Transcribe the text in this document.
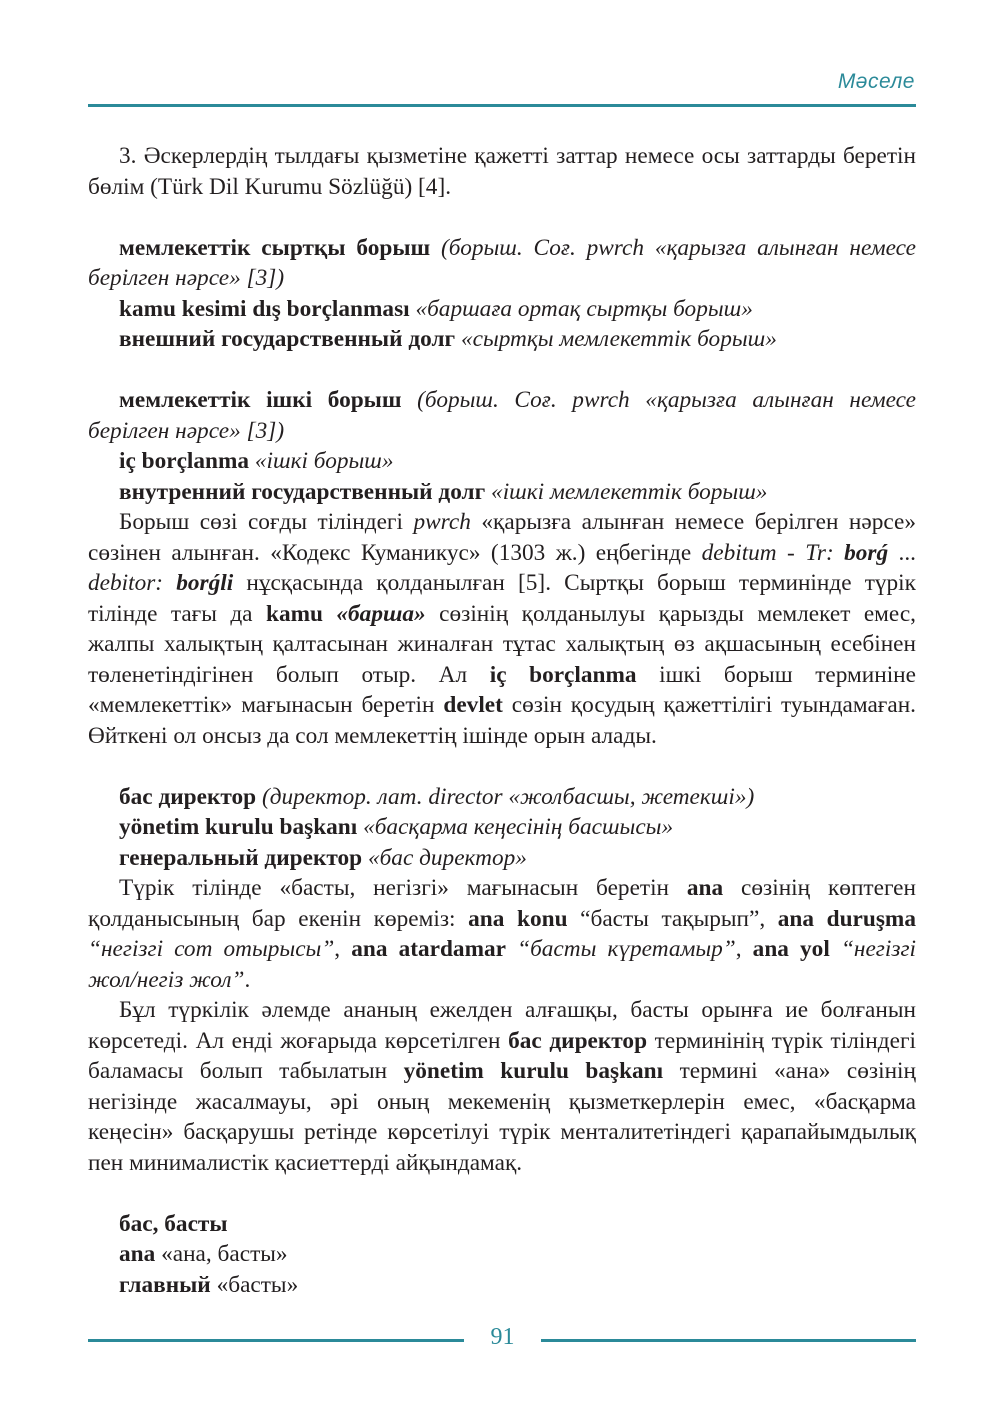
Мәселе

3. Әскерлердің тылдағы қызметіне қажетті заттар немесе осы заттарды беретін бөлім (Türk Dil Kurumu Sözlüğü) [4].

мемлекеттік сыртқы борыш (борыш. Соғ. pwrch «қарызға алынған немесе берілген нәрсе» [3])

kamu kesimi dış borçlanması «баршаға ортақ сыртқы борыш»

внешний государственный долг «сыртқы мемлекеттік борыш»

мемлекеттік ішкі борыш (борыш. Соғ. pwrch «қарызға алынған немесе берілген нәрсе» [3])

iç borçlanma «ішкі борыш»

внутренний государственный долг «ішкі мемлекеттік борыш»

Борыш сөзі соғды тіліндегі pwrch «қарызға алынған немесе берілген нәрсе» сөзінен алынған. «Кодекс Куманикус» (1303 ж.) еңбегінде debitum - Tr: borǵ ... debitor: borǵli нұсқасында қолданылған [5]. Сыртқы борыш терминінде түрік тілінде тағы да kamu «барша» сөзінің қолданылуы қарызды мемлекет емес, жалпы халықтың қалтасынан жиналған тұтас халықтың өз ақшасының есебінен төленетіндігінен болып отыр. Ал iç borçlanma ішкі борыш терминіне «мемлекеттік» мағынасын беретін devlet сөзін қосудың қажеттілігі туындамаған. Өйткені ол онсыз да сол мемлекеттің ішінде орын алады.

бас директор (директор. лат. director «жолбасшы, жетекші»)

yönetim kurulu başkanı «басқарма кеңесінің басшысы»

генеральный директор «бас директор»

Түрік тілінде «басты, негізгі» мағынасын беретін ana сөзінің көптеген қолданысының бар екенін көреміз: ana konu “басты тақырып”, ana duruşma “негізгі сот отырысы”, ana atardamar “басты күретамыр”, ana yol “негізгі жол/негіз жол”.

Бұл түркілік әлемде ананың ежелден алғашқы, басты орынға ие болғанын көрсетеді. Ал енді жоғарыда көрсетілген бас директор терминінің түрік тіліндегі баламасы болып табылатын yönetim kurulu başkanı термині «ана» сөзінің негізінде жасалмауы, әрі оның мекеменің қызметкерлерін емес, «басқарма кеңесін» басқарушы ретінде көрсетілуі түрік менталитетіндегі қарапайымдылық пен минималистік қасиеттерді айқындамақ.

бас, басты

ana «ана, басты»

главный «басты»

91
